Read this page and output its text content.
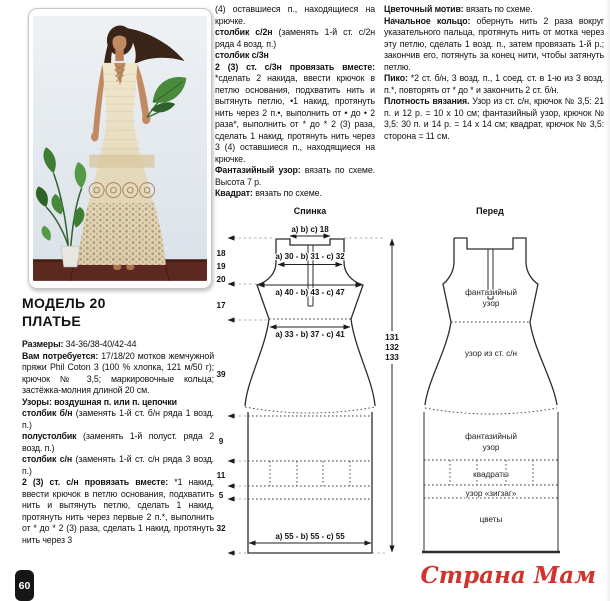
МОДЕЛЬ 20

ПЛАТЬЕ

Размеры: 34-36/38-40/42-44

Вам потребуется: 17/18/20 мотков жемчужной пряжи Phil Coton 3 (100 % хлопка, 121 м/50 г); крючок № 3,5; маркировочные кольца; застёжка-молния длиной 20 см.

Узоры: воздушная п. или п. цепочки

столбик б/н (заменять 1-й ст. б/н ряда 1 возд. п.)

полустолбик (заменять 1-й полуст. ряда 2 возд. п.)

столбик с/н (заменять 1-й ст. с/н ряда 3 возд. п.)

2 (3) ст. с/н провязать вместе: *1 накид, ввести крючок в петлю основания, подхватить нить и вытянуть петлю, сделать 1 накид, протянуть нить через первые 2 п.*, выполнить от * до * 2 (3) раза, сделать 1 накид, протянуть нить через 3

(4) оставшиеся п., находящиеся на крючке.

столбик с/2н (заменять 1-й ст. с/2н ряда 4 возд. п.)

столбик с/3н

2 (3) ст. с/3н провязать вместе: *сделать 2 накида, ввести крючок в петлю основания, подхватить нить и вытянуть петлю, •1 накид, протянуть нить через 2 п.•, выполнить от • до • 2 раза*, выполнить от * до * 2 (3) раза, сделать 1 накид, протянуть нить через 3 (4) оставшиеся п., находящиеся на крючке.

Фантазийный узор: вязать по схеме. Высота 7 р.

Квадрат: вязать по схеме.

Цветочный мотив: вязать по схеме.

Начальное кольцо: обернуть нить 2 раза вокруг указательного пальца, протянуть нить от мотка через эту петлю, сделать 1 возд. п., затем провязать 1-й р.; закончив его, потянуть за конец нити, чтобы затянуть петлю.

Пико: *2 ст. б/н, 3 возд. п., 1 соед. ст. в 1-ю из 3 возд. п.*, повторять от * до * и закончить 2 ст. б/н.

Плотность вязания. Узор из ст. с/н, крючок № 3,5: 21 п. и 12 р. = 10 x 10 см; фантазийный узор, крючок № 3,5: 30 п. и 14 р. = 14 x 14 см; квадрат, крючок № 3,5: сторона = 11 см.

Спинка
a) b) c) 18
a) 30 - b) 31 - c) 32
a) 40 - b) 43 - c) 47
a) 33 - b) 37 - c) 41
a) 55 - b) 55 - c) 55
18
19
20
17
39
9
11
5
32
131
132
133
Перед
фантазийный
узор
узор из ст. с/н
фантазийный
узор
квадраты
узор «зигзаг»
цветы
60	Страна Мам
